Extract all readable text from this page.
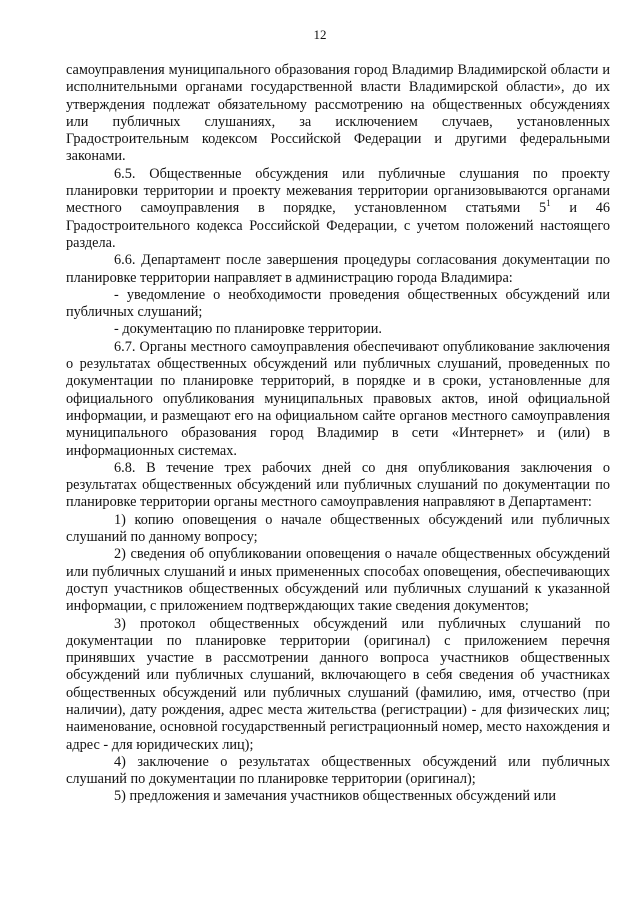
12

самоуправления муниципального образования город Владимир Владимирской области и исполнительными органами государственной власти Владимирской области», до их утверждения подлежат обязательному рассмотрению на общественных обсуждениях или публичных слушаниях, за исключением случаев, установленных Градостроительным кодексом Российской Федерации и другими федеральными законами.

6.5. Общественные обсуждения или публичные слушания по проекту планировки территории и проекту межевания территории организовываются органами местного самоуправления в порядке, установленном статьями $5^1$ и 46 Градостроительного кодекса Российской Федерации, с учетом положений настоящего раздела.

6.6. Департамент после завершения процедуры согласования документации по планировке территории направляет в администрацию города Владимира:

- уведомление о необходимости проведения общественных обсуждений или публичных слушаний;

- документацию по планировке территории.

6.7. Органы местного самоуправления обеспечивают опубликование заключения о результатах общественных обсуждений или публичных слушаний, проведенных по документации по планировке территорий, в порядке и в сроки, установленные для официального опубликования муниципальных правовых актов, иной официальной информации, и размещают его на официальном сайте органов местного самоуправления муниципального образования город Владимир в сети «Интернет» и (или) в информационных системах.

6.8. В течение трех рабочих дней со дня опубликования заключения о результатах общественных обсуждений или публичных слушаний по документации по планировке территории органы местного самоуправления направляют в Департамент:

1) копию оповещения о начале общественных обсуждений или публичных слушаний по данному вопросу;

2) сведения об опубликовании оповещения о начале общественных обсуждений или публичных слушаний и иных примененных способах оповещения, обеспечивающих доступ участников общественных обсуждений или публичных слушаний к указанной информации, с приложением подтверждающих такие сведения документов;

3) протокол общественных обсуждений или публичных слушаний по документации по планировке территории (оригинал) с приложением перечня принявших участие в рассмотрении данного вопроса участников общественных обсуждений или публичных слушаний, включающего в себя сведения об участниках общественных обсуждений или публичных слушаний (фамилию, имя, отчество (при наличии), дату рождения, адрес места жительства (регистрации) - для физических лиц; наименование, основной государственный регистрационный номер, место нахождения и адрес - для юридических лиц);

4) заключение о результатах общественных обсуждений или публичных слушаний по документации по планировке территории (оригинал);

5) предложения и замечания участников общественных обсуждений или
